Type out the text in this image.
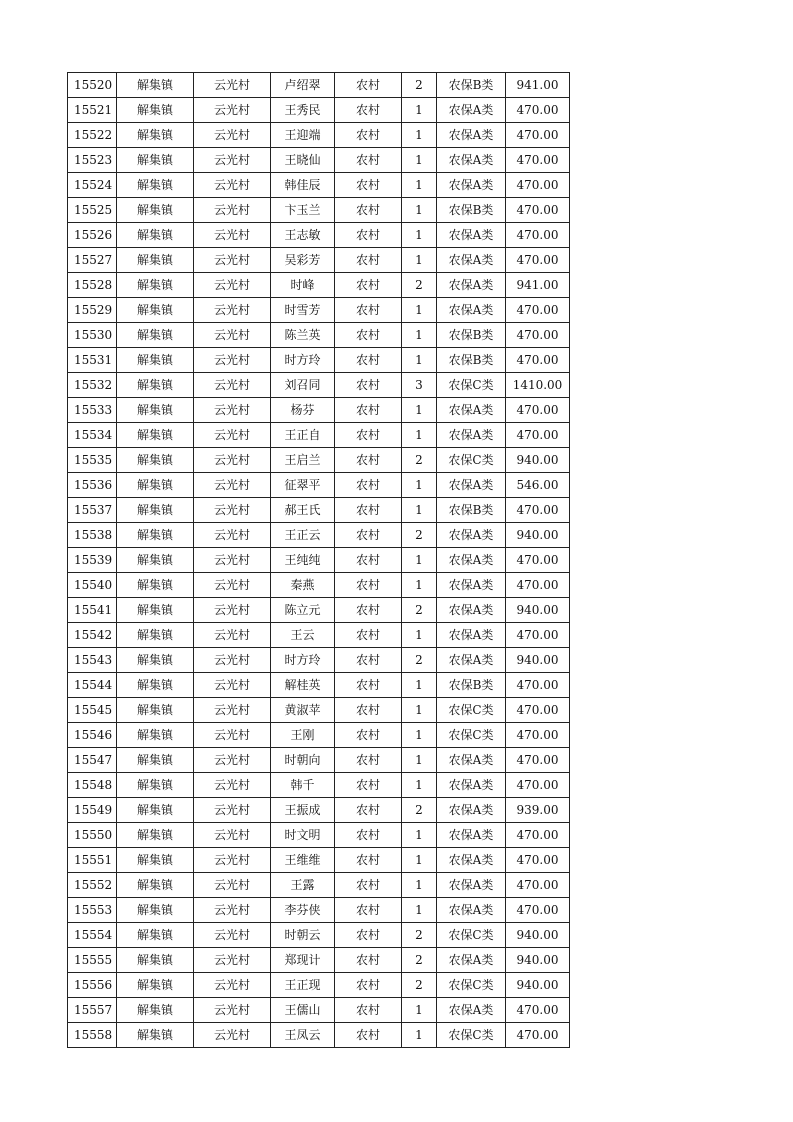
15520	解集镇	云光村	卢绍翠	农村	2	农保B类	941.00
15521	解集镇	云光村	王秀民	农村	1	农保A类	470.00
15522	解集镇	云光村	王迎端	农村	1	农保A类	470.00
15523	解集镇	云光村	王晓仙	农村	1	农保A类	470.00
15524	解集镇	云光村	韩佳辰	农村	1	农保A类	470.00
15525	解集镇	云光村	卞玉兰	农村	1	农保B类	470.00
15526	解集镇	云光村	王志敏	农村	1	农保A类	470.00
15527	解集镇	云光村	吴彩芳	农村	1	农保A类	470.00
15528	解集镇	云光村	时峰	农村	2	农保A类	941.00
15529	解集镇	云光村	时雪芳	农村	1	农保A类	470.00
15530	解集镇	云光村	陈兰英	农村	1	农保B类	470.00
15531	解集镇	云光村	时方玲	农村	1	农保B类	470.00
15532	解集镇	云光村	刘召同	农村	3	农保C类	1410.00
15533	解集镇	云光村	杨芬	农村	1	农保A类	470.00
15534	解集镇	云光村	王正自	农村	1	农保A类	470.00
15535	解集镇	云光村	王启兰	农村	2	农保C类	940.00
15536	解集镇	云光村	征翠平	农村	1	农保A类	546.00
15537	解集镇	云光村	郝王氏	农村	1	农保B类	470.00
15538	解集镇	云光村	王正云	农村	2	农保A类	940.00
15539	解集镇	云光村	王纯纯	农村	1	农保A类	470.00
15540	解集镇	云光村	秦燕	农村	1	农保A类	470.00
15541	解集镇	云光村	陈立元	农村	2	农保A类	940.00
15542	解集镇	云光村	王云	农村	1	农保A类	470.00
15543	解集镇	云光村	时方玲	农村	2	农保A类	940.00
15544	解集镇	云光村	解桂英	农村	1	农保B类	470.00
15545	解集镇	云光村	黄淑苹	农村	1	农保C类	470.00
15546	解集镇	云光村	王刚	农村	1	农保C类	470.00
15547	解集镇	云光村	时朝向	农村	1	农保A类	470.00
15548	解集镇	云光村	韩千	农村	1	农保A类	470.00
15549	解集镇	云光村	王振成	农村	2	农保A类	939.00
15550	解集镇	云光村	时文明	农村	1	农保A类	470.00
15551	解集镇	云光村	王维维	农村	1	农保A类	470.00
15552	解集镇	云光村	王露	农村	1	农保A类	470.00
15553	解集镇	云光村	李芬侠	农村	1	农保A类	470.00
15554	解集镇	云光村	时朝云	农村	2	农保C类	940.00
15555	解集镇	云光村	郑现计	农村	2	农保A类	940.00
15556	解集镇	云光村	王正现	农村	2	农保C类	940.00
15557	解集镇	云光村	王儒山	农村	1	农保A类	470.00
15558	解集镇	云光村	王凤云	农村	1	农保C类	470.00
